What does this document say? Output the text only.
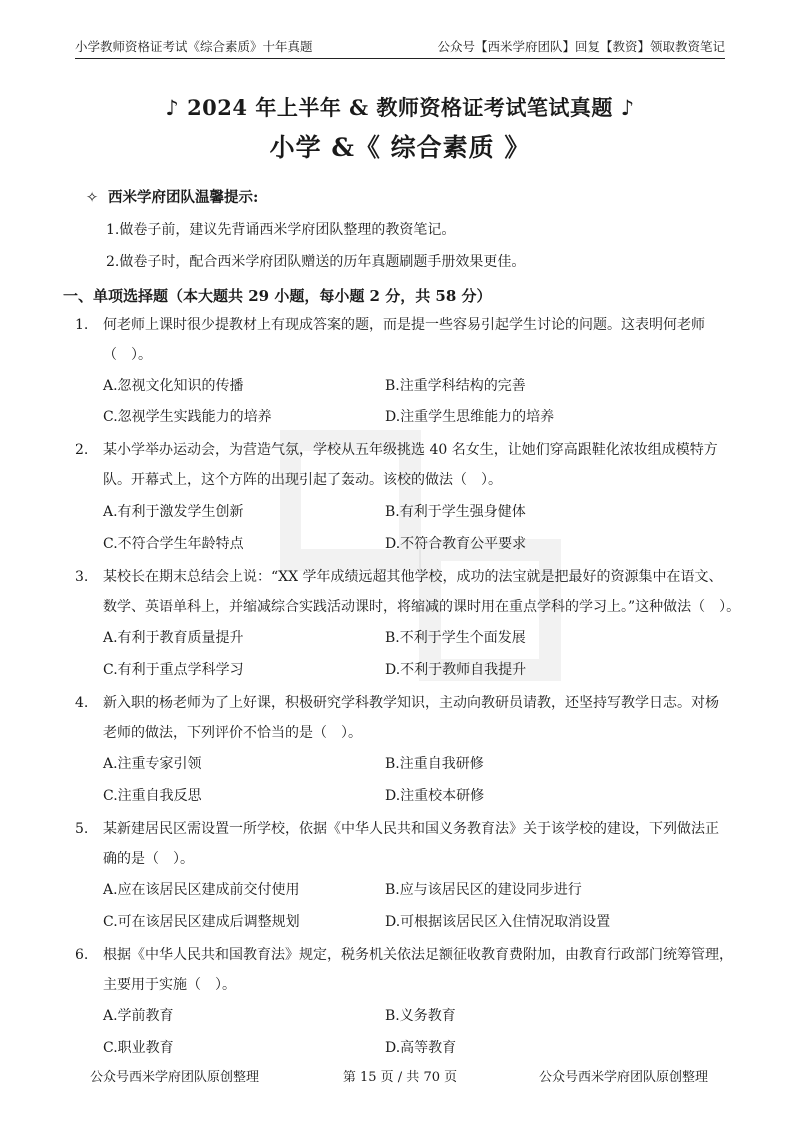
小学教师资格证考试《综合素质》十年真题	公众号【西米学府团队】回复【教资】领取教资笔记
♪ 2024 年上半年 & 教师资格证考试笔试真题 ♪
小学 &《 综合素质 》
✧ 西米学府团队温馨提示:
1.做卷子前，建议先背诵西米学府团队整理的教资笔记。
2.做卷子时，配合西米学府团队赠送的历年真题刷题手册效果更佳。
一、单项选择题（本大题共 29 小题，每小题 2 分，共 58 分）
1.	何老师上课时很少提教材上有现成答案的题，而是提一些容易引起学生讨论的问题。这表明何老师
（　）。
A.忽视文化知识的传播	B.注重学科结构的完善
C.忽视学生实践能力的培养	D.注重学生思维能力的培养
2.	某小学举办运动会，为营造气氛，学校从五年级挑选 40 名女生，让她们穿高跟鞋化浓妆组成模特方
队。开幕式上，这个方阵的出现引起了轰动。该校的做法（　）。
A.有利于激发学生创新	B.有利于学生强身健体
C.不符合学生年龄特点	D.不符合教育公平要求
3.	某校长在期末总结会上说：“XX 学年成绩远超其他学校，成功的法宝就是把最好的资源集中在语文、
数学、英语单科上，并缩减综合实践活动课时，将缩减的课时用在重点学科的学习上。”这种做法（　）。
A.有利于教育质量提升	B.不利于学生个面发展
C.有利于重点学科学习	D.不利于教师自我提升
4.	新入职的杨老师为了上好课，积极研究学科教学知识，主动向教研员请教，还坚持写教学日志。对杨
老师的做法，下列评价不恰当的是（　）。
A.注重专家引领	B.注重自我研修
C.注重自我反思	D.注重校本研修
5.	某新建居民区需设置一所学校，依据《中华人民共和国义务教育法》关于该学校的建设，下列做法正
确的是（　）。
A.应在该居民区建成前交付使用	B.应与该居民区的建设同步进行
C.可在该居民区建成后调整规划	D.可根据该居民区入住情况取消设置
6.	根据《中华人民共和国教育法》规定，税务机关依法足额征收教育费附加，由教育行政部门统筹管理，
主要用于实施（　）。
A.学前教育	B.义务教育
C.职业教育	D.高等教育
公众号西米学府团队原创整理	第 15 页 / 共 70 页	公众号西米学府团队原创整理
